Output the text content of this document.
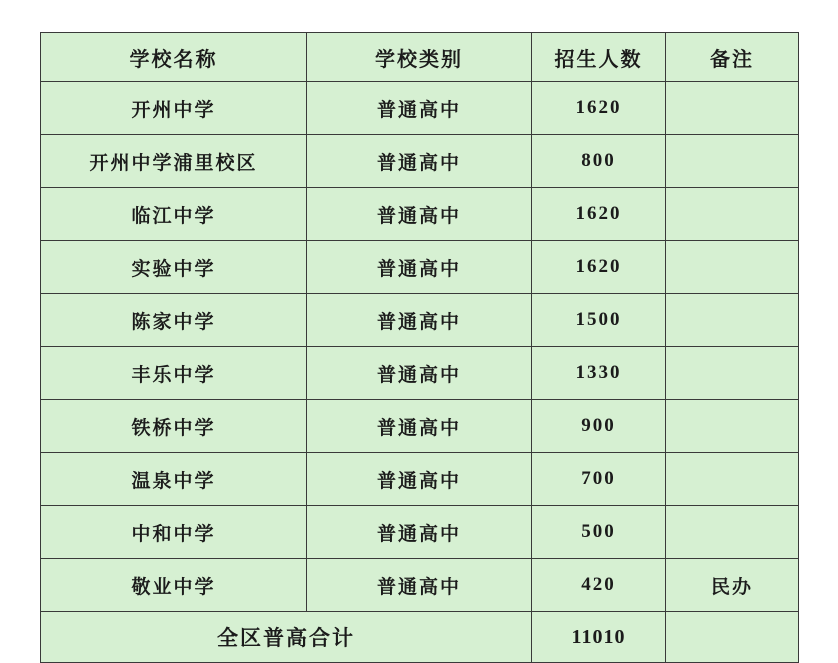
学校名称	学校类别	招生人数	备注
开州中学	普通高中	1620	
开州中学浦里校区	普通高中	800	
临江中学	普通高中	1620	
实验中学	普通高中	1620	
陈家中学	普通高中	1500	
丰乐中学	普通高中	1330	
铁桥中学	普通高中	900	
温泉中学	普通高中	700	
中和中学	普通高中	500	
敬业中学	普通高中	420	民办
全区普高合计		11010	
